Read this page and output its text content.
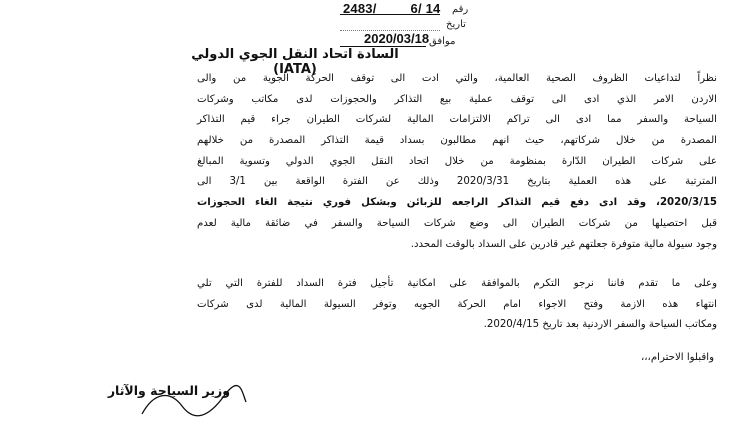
2483/	6/ 14 رقم
تاريخ
2020/03/18 موافق
السادة اتحاد النقل الجوي الدولي (IATA)
نظراً لتداعيات الظروف الصحية العالمية، والتي ادت الى توقف الحركة الجوية من والى
الاردن الامر الذي ادى الى توقف عملية بيع التذاكر والحجوزات لدى مكاتب وشركات
السياحة والسفر مما ادى الى تراكم الالتزامات المالية لشركات الطيران جراء قيم التذاكر
المصدرة من خلال شركاتهم، حيث انهم مطالبون بسداد قيمة التذاكر المصدرة من خلالهم
على شركات الطيران الدّارة بمنظومة من خلال اتحاد النقل الجوي الدولي وتسوية المبالغ
المترتبة على هذه العملية بتاريخ 2020/3/31 وذلك عن الفترة الواقعة بين 3/1 الى
2020/3/15، وقد ادى دفع قيم التذاكر الراجعه للزبائن وبشكل فوري نتيجة الغاء الحجوزات
قبل احتصيلها من شركات الطيران الى وضع شركات السياحة والسفر في ضائقة مالية لعدم
وجود سيولة مالية متوفرة جعلتهم غير قادرين على السداد بالوقت المحدد.
وعلى ما تقدم فاننا نرجو التكرم بالموافقة على امكانية تأجيل فترة السداد للفترة التي تلي
انتهاء هذه الازمة وفتح الاجواء امام الحركة الجويه وتوفر السيولة المالية لدى شركات
ومكاتب السياحة والسفر الاردنية بعد تاريخ 2020/4/15.
واقبلوا الاحترام،،،
وزير السياحة والآثار
